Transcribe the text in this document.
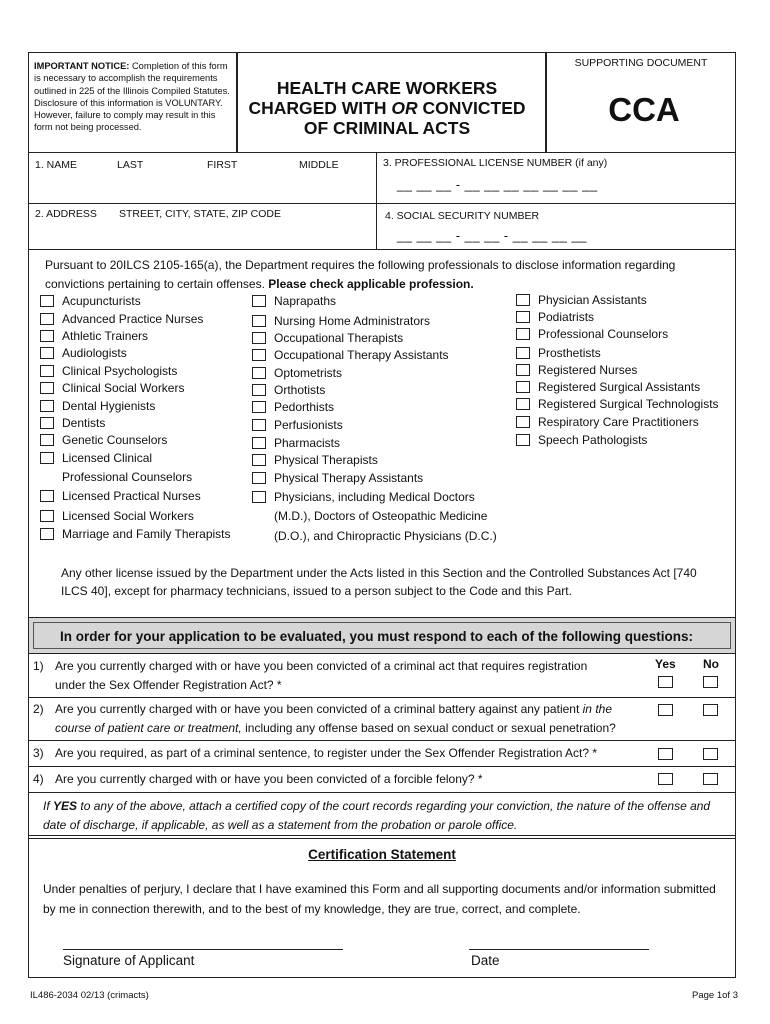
IMPORTANT NOTICE: Completion of this form is necessary to accomplish the requirements outlined in 225 of the Illinois Compiled Statutes. Disclosure of this information is VOLUNTARY. However, failure to comply may result in this form not being processed.
HEALTH CARE WORKERS
CHARGED WITH OR CONVICTED
OF CRIMINAL ACTS
SUPPORTING DOCUMENT
CCA
1. NAME	LAST	FIRST	MIDDLE	3. PROFESSIONAL LICENSE NUMBER (if any)
__ __ __ - __ __ __ __ __ __ __
2. ADDRESS STREET, CITY, STATE, ZIP CODE	4. SOCIAL SECURITY NUMBER
__ __ __ - __ __ - __ __ __ __
Pursuant to 20ILCS 2105-165(a), the Department requires the following professionals to disclose information regarding convictions pertaining to certain offenses. Please check applicable profession.
Acupuncturists
Advanced Practice Nurses
Athletic Trainers
Audiologists
Clinical Psychologists
Clinical Social Workers
Dental Hygienists
Dentists
Genetic Counselors
Licensed Clinical
Professional Counselors
Licensed Practical Nurses
Licensed Social Workers
Marriage and Family Therapists
Naprapaths
Nursing Home Administrators
Occupational Therapists
Occupational Therapy Assistants
Optometrists
Orthotists
Pedorthists
Perfusionists
Pharmacists
Physical Therapists
Physical Therapy Assistants
Physicians, including Medical Doctors
(M.D.), Doctors of Osteopathic Medicine
(D.O.), and Chiropractic Physicians (D.C.)
Physician Assistants
Podiatrists
Professional Counselors
Prosthetists
Registered Nurses
Registered Surgical Assistants
Registered Surgical Technologists
Respiratory Care Practitioners
Speech Pathologists
Any other license issued by the Department under the Acts listed in this Section and the Controlled Substances Act [740 ILCS 40], except for pharmacy technicians, issued to a person subject to the Code and this Part.
In order for your application to be evaluated, you must respond to each of the following questions:
1) Are you currently charged with or have you been convicted of a criminal act that requires registration
under the Sex Offender Registration Act? *
Yes No
2) Are you currently charged with or have you been convicted of a criminal battery against any patient in the
course of patient care or treatment, including any offense based on sexual conduct or sexual penetration?
3) Are you required, as part of a criminal sentence, to register under the Sex Offender Registration Act? *
4) Are you currently charged with or have you been convicted of a forcible felony? *
If YES to any of the above, attach a certified copy of the court records regarding your conviction, the nature of the offense and date of discharge, if applicable, as well as a statement from the probation or parole office.
Certification Statement
Under penalties of perjury, I declare that I have examined this Form and all supporting documents and/or information submitted by me in connection therewith, and to the best of my knowledge, they are true, correct, and complete.
Signature of Applicant	Date
IL486-2034 02/13 (crimacts)	Page 1of 3
